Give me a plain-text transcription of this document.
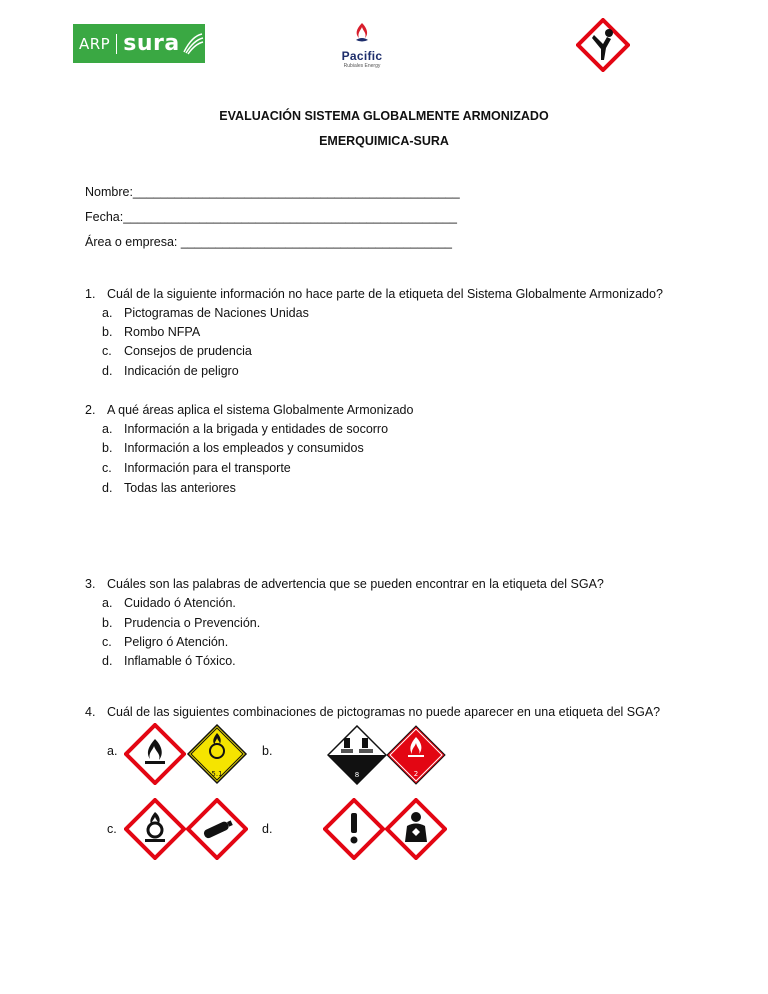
ARP sura	Pacific
Rubiales Energy
EVALUACIÓN SISTEMA GLOBALMENTE ARMONIZADO
EMERQUIMICA-SURA
Nombre:_______________________________________________
Fecha:________________________________________________
Área o empresa: _______________________________________
1. Cuál de la siguiente información no hace parte de la etiqueta del Sistema Globalmente Armonizado?
a. Pictogramas de Naciones Unidas
b. Rombo NFPA
c. Consejos de prudencia
d. Indicación de peligro
2. A qué áreas aplica el sistema Globalmente Armonizado
a. Información a la brigada y entidades de socorro
b. Información a los empleados y consumidos
c. Información para el transporte
d. Todas las anteriores
3. Cuáles son las palabras de advertencia que se pueden encontrar en la etiqueta del SGA?
a. Cuidado ó Atención.
b. Prudencia o Prevención.
c. Peligro ó Atención.
d. Inflamable ó Tóxico.
4. Cuál de las siguientes combinaciones de pictogramas no puede aparecer en una etiqueta del SGA?
a.	b.
c.	d.
5.1	8	2
